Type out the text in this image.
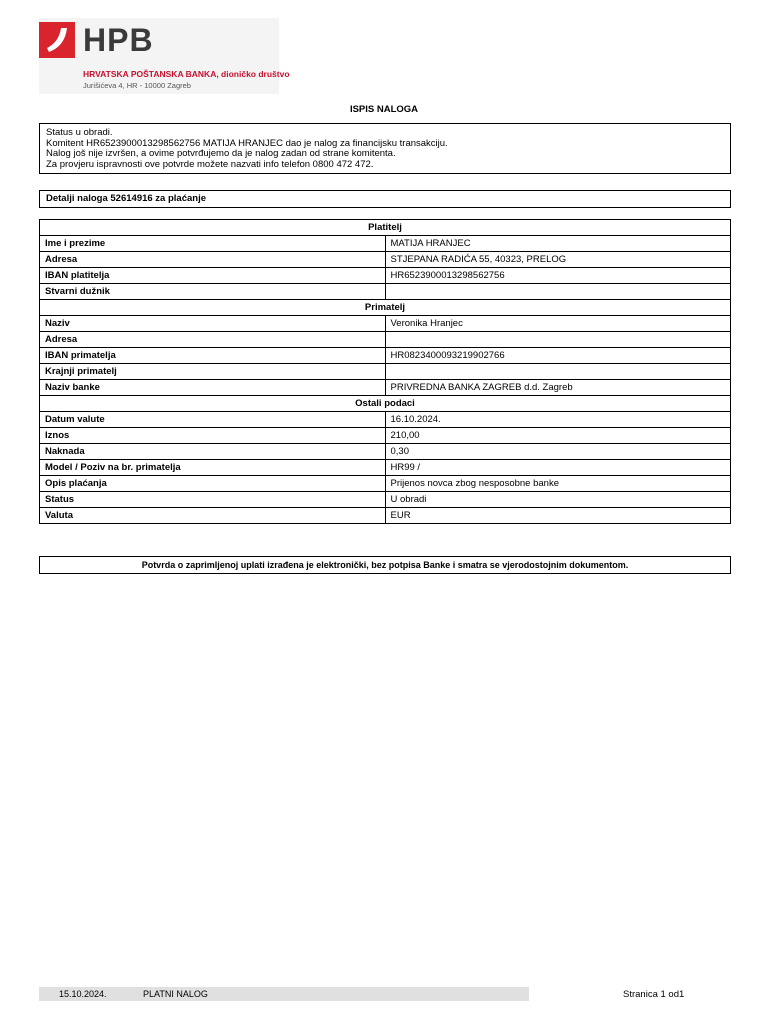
HPB
HRVATSKA POŠTANSKA BANKA, dioničko društvo
Jurišićeva 4, HR - 10000 Zagreb
ISPIS NALOGA
Status u obradi.
Komitent HR6523900013298562756 MATIJA HRANJEC dao je nalog za financijsku transakciju.
Nalog još nije izvršen, a ovime potvrđujemo da je nalog zadan od strane komitenta.
Za provjeru ispravnosti ove potvrde možete nazvati info telefon 0800 472 472.
Detalji naloga 52614916 za plaćanje
Platitelj	
Ime i prezime	MATIJA HRANJEC
Adresa	STJEPANA RADIĆA 55, 40323, PRELOG
IBAN platitelja	HR6523900013298562756
Stvarni dužnik	
Primatelj	
Naziv	Veronika Hranjec
Adresa	
IBAN primatelja	HR0823400093219902766
Krajnji primatelj	
Naziv banke	PRIVREDNA BANKA ZAGREB d.d. Zagreb
Ostali podaci	
Datum valute	16.10.2024.
Iznos	210,00
Naknada	0,30
Model / Poziv na br. primatelja	HR99 /
Opis plaćanja	Prijenos novca zbog nesposobne banke
Status	U obradi
Valuta	EUR
Potvrda o zaprimljenoj uplati izrađena je elektronički, bez potpisa Banke i smatra se vjerodostojnim dokumentom.
15.10.2024.	PLATNI NALOG	Stranica 1 od1
